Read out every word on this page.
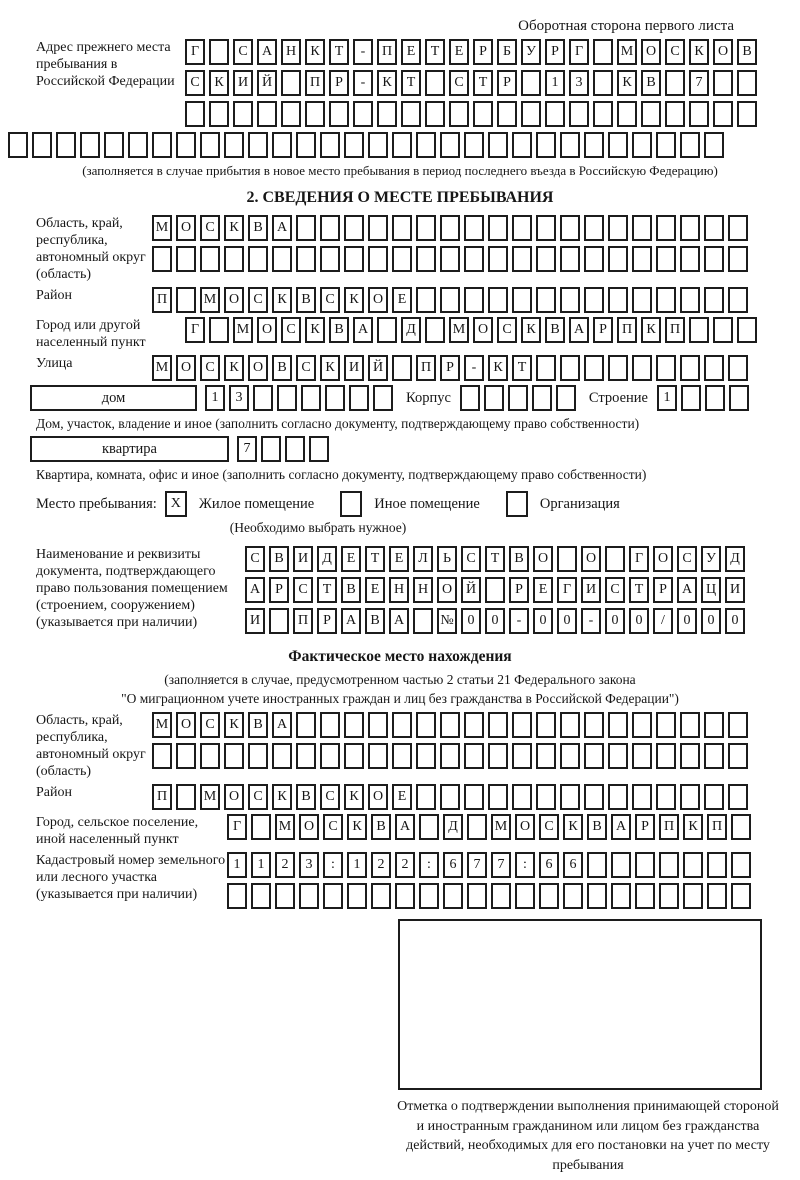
Оборотная сторона первого листа
Адрес прежнего места пребывания в Российской Федерации
Г	С	А Н	К	Т	-	П	Е	Т	Е	Р	Б	У	Р	Г	М О	С	К	О	В
С	К	И Й	П	Р	-	К	Т	С	Т	Р	1	3	К	В	7
(заполняется в случае прибытия в новое место пребывания в период последнего въезда в Российскую Федерацию)
2. СВЕДЕНИЯ О МЕСТЕ ПРЕБЫВАНИЯ
Область, край, республика, автономный округ (область)
М О	С	К	В	А
Район	П	М О	С	К	В	С	К	О	Е
Город или другой населенный пункт
Г	М О	С	К	В	А	Д	М О	С	К	В	А	Р	П	К	П
Улица	М О	С	К	О	В	С	К	И Й	П	Р	-	К	Т
дом	1	3	Корпус	Строение	1
Дом, участок, владение и иное (заполнить согласно документу, подтверждающему право собственности)
квартира	7
Квартира, комната, офис и иное (заполнить согласно документу, подтверждающему право собственности)
Место пребывания: X	Жилое помещение	Иное помещение	Организация
(Необходимо выбрать нужное)
Наименование и реквизиты документа, подтверждающего право пользования помещением (строением, сооружением) (указывается при наличии)
С	В	И	Д	Е	Т	Е	Л	Ь	С	Т	В	О	О	Г	О	С	У	Д
А	Р	С	Т	В	Е	Н Н О Й	Р	Е	Г	И	С	Т	Р	А Ц И
И	П	Р	А	В	А	№ 0	0	-	0	0	-	0	0	/	0	0	0
Фактическое место нахождения
(заполняется в случае, предусмотренном частью 2 статьи 21 Федерального закона
"О миграционном учете иностранных граждан и лиц без гражданства в Российской Федерации")
Область, край, республика, автономный округ (область)
М О	С	К	В	А
Район	П	М О	С	К	В	С	К	О	Е
Город, сельское поселение, иной населенный пункт
Г	М О	С	К	В	А	Д	М О	С	К	В	А	Р	П	К	П
Кадастровый номер земельного или лесного участка (указывается при наличии)
1	1	2	3	:	1	2	2	:	6	7	7	:	6	6
Отметка о подтверждении выполнения принимающей стороной и иностранным гражданином или лицом без гражданства действий, необходимых для его постановки на учет по месту пребывания
